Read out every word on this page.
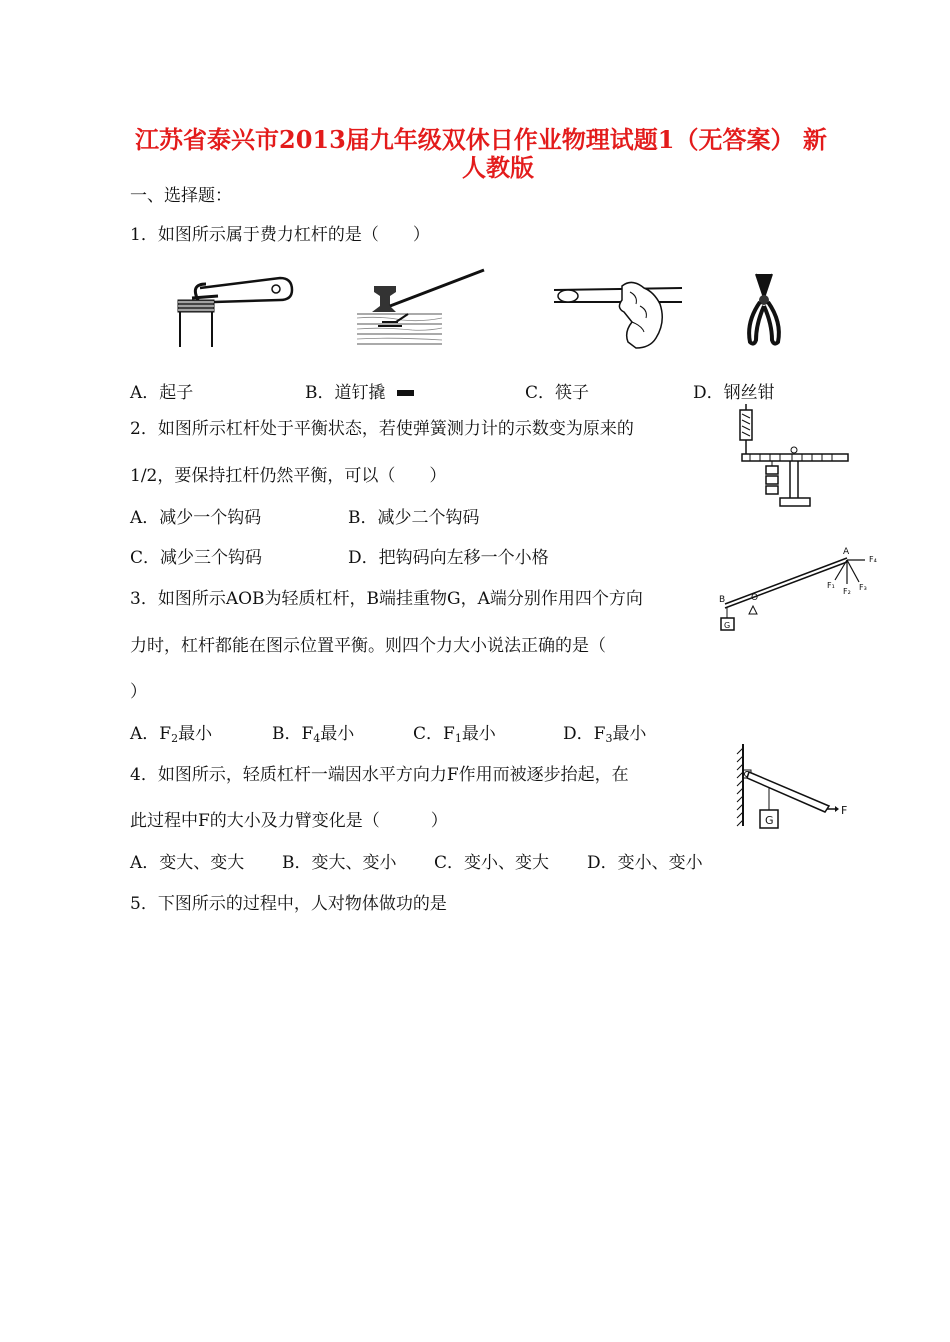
江苏省泰兴市2013届九年级双休日作业物理试题1（无答案） 新
人教版
一、选择题：
1．如图所示属于费力杠杆的是（　　）
A．起子	B．道钉撬	C．筷子	D．钢丝钳
2．如图所示杠杆处于平衡状态，若使弹簧测力计的示数变为原来的
1/2，要保持扛杆仍然平衡，可以（　　）
A．减少一个钩码	B．减少二个钩码
C．减少三个钩码	D．把钩码向左移一个小格
3．如图所示AOB为轻质杠杆，B端挂重物G，A端分别作用四个方向
力时，杠杆都能在图示位置平衡。则四个力大小说法正确的是（
）
A．$F_2$最小	B．$F_4$最小	C．$F_1$最小	D．$F_3$最小
O
B
A
G
F₄
F₁
F₂ F₃
4．如图所示，轻质杠杆一端因水平方向力F作用而被逐步抬起，在
此过程中F的大小及力臂变化是（　　　）
A．变大、变大 B．变大、变小 C．变小、变大 D．变小、变小
G
F
5．下图所示的过程中，人对物体做功的是
